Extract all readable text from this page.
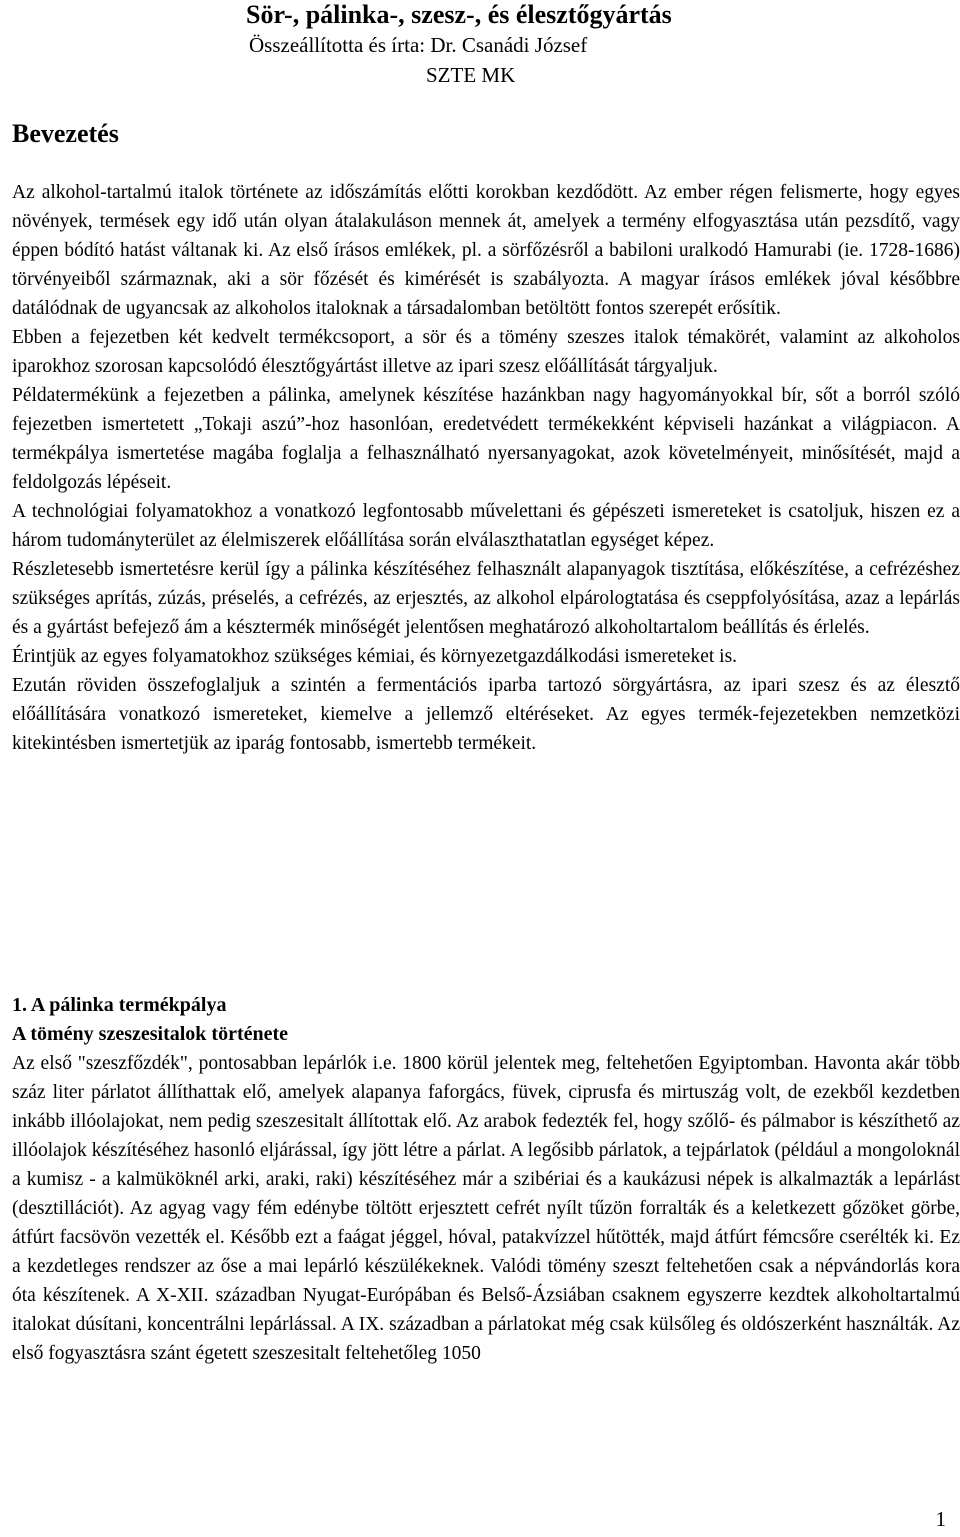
Sör-, pálinka-, szesz-, és élesztőgyártás
Összeállította és írta: Dr. Csanádi József
SZTE MK
Bevezetés

Az alkohol-tartalmú italok története az időszámítás előtti korokban kezdődött. Az ember régen felismerte, hogy egyes növények, termések egy idő után olyan átalakuláson mennek át, amelyek a termény elfogyasztása után pezsdítő, vagy éppen bódító hatást váltanak ki. Az első írásos emlékek, pl. a sörfőzésről a babiloni uralkodó Hamurabi (ie. 1728-1686) törvényeiből származnak, aki a sör főzését és kimérését is szabályozta. A magyar írásos emlékek jóval későbbre datálódnak de ugyancsak az alkoholos italoknak a társadalomban betöltött fontos szerepét erősítik.

Ebben a fejezetben két kedvelt termékcsoport, a sör és a tömény szeszes italok témakörét, valamint az alkoholos iparokhoz szorosan kapcsolódó élesztőgyártást illetve az ipari szesz előállítását tárgyaljuk.

Példatermékünk a fejezetben a pálinka, amelynek készítése hazánkban nagy hagyományokkal bír, sőt a borról szóló fejezetben ismertetett „Tokaji aszú”-hoz hasonlóan, eredetvédett termékekként képviseli hazánkat a világpiacon. A termékpálya ismertetése magába foglalja a felhasználható nyersanyagokat, azok követelményeit, minősítését, majd a feldolgozás lépéseit.

A technológiai folyamatokhoz a vonatkozó legfontosabb művelettani és gépészeti ismereteket is csatoljuk, hiszen ez a három tudományterület az élelmiszerek előállítása során elválaszthatatlan egységet képez.

Részletesebb ismertetésre kerül így a pálinka készítéséhez felhasznált alapanyagok tisztítása, előkészítése, a cefrézéshez szükséges aprítás, zúzás, préselés, a cefrézés, az erjesztés, az alkohol elpárologtatása és cseppfolyósítása, azaz a lepárlás és a gyártást befejező ám a késztermék minőségét jelentősen meghatározó alkoholtartalom beállítás és érlelés.

Érintjük az egyes folyamatokhoz szükséges kémiai, és környezetgazdálkodási ismereteket is.

Ezután röviden összefoglaljuk a szintén a fermentációs iparba tartozó sörgyártásra, az ipari szesz és az élesztő előállítására vonatkozó ismereteket, kiemelve a jellemző eltéréseket. Az egyes termék-fejezetekben nemzetközi kitekintésben ismertetjük az iparág fontosabb, ismertebb termékeit.

1. A pálinka termékpálya

A tömény szeszesitalok története

Az első "szeszfőzdék", pontosabban lepárlók i.e. 1800 körül jelentek meg, feltehetően Egyiptomban. Havonta akár több száz liter párlatot állíthattak elő, amelyek alapanya faforgács, füvek, ciprusfa és mirtuszág volt, de ezekből kezdetben inkább illóolajokat, nem pedig szeszesitalt állítottak elő. Az arabok fedezték fel, hogy szőlő- és pálmabor is készíthető az illóolajok készítéséhez hasonló eljárással, így jött létre a párlat. A legősibb párlatok, a tejpárlatok (például a mongoloknál a kumisz - a kalmüköknél arki, araki, raki) készítéséhez már a szibériai és a kaukázusi népek is alkalmazták a lepárlást (desztillációt). Az agyag vagy fém edénybe töltött erjesztett cefrét nyílt tűzön forralták és a keletkezett gőzöket görbe, átfúrt facsövön vezették el. Később ezt a faágat jéggel, hóval, patakvízzel hűtötték, majd átfúrt fémcsőre cserélték ki. Ez a kezdetleges rendszer az őse a mai lepárló készülékeknek. Valódi tömény szeszt feltehetően csak a népvándorlás kora óta készítenek. A X-XII. században Nyugat-Európában és Belső-Ázsiában csaknem egyszerre kezdtek alkoholtartalmú italokat dúsítani, koncentrálni lepárlással. A IX. században a párlatokat még csak külsőleg és oldószerként használták. Az első fogyasztásra szánt égetett szeszesitalt feltehetőleg 1050

1
